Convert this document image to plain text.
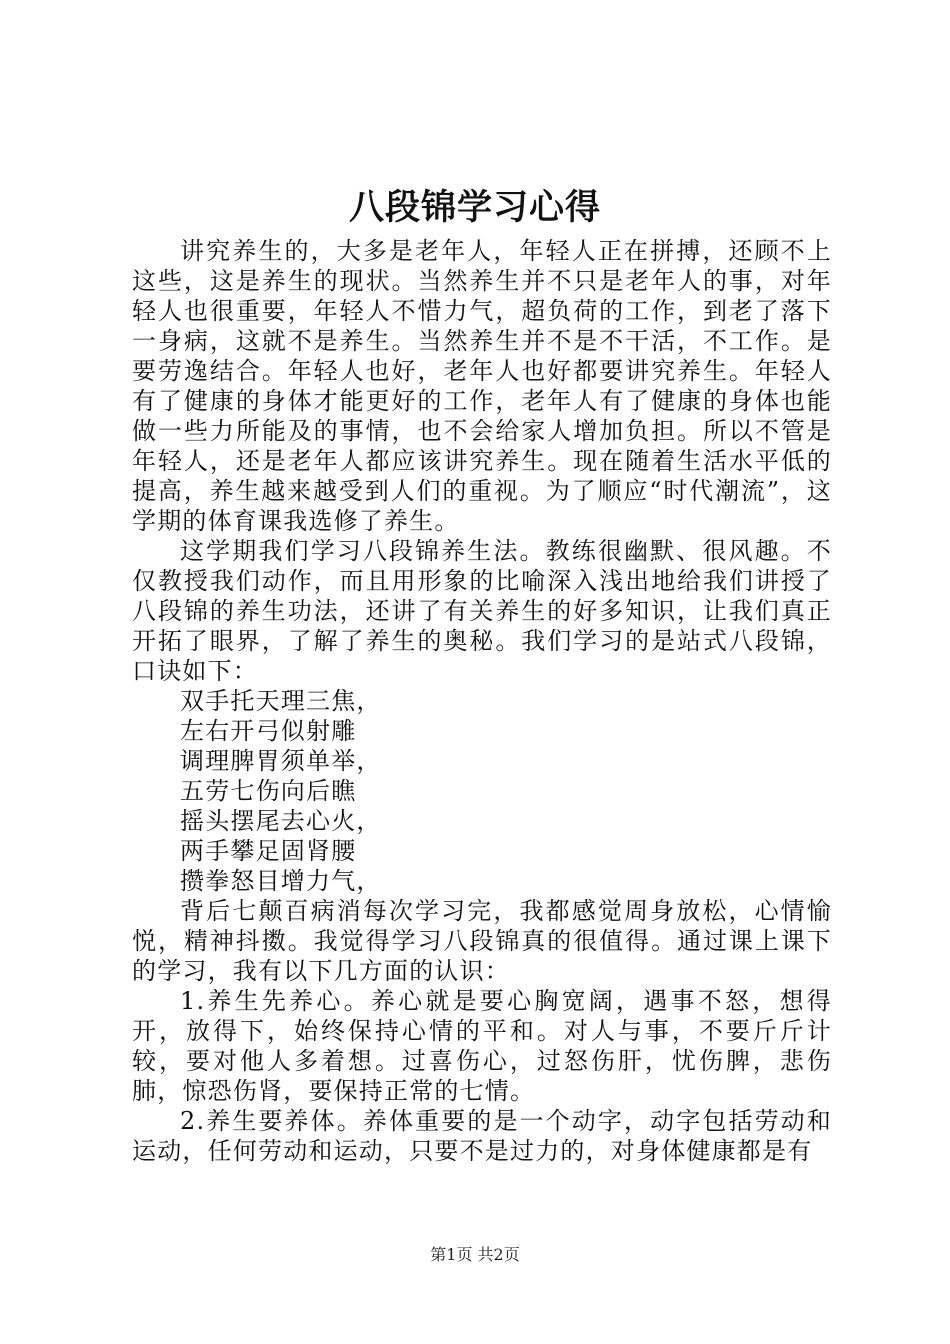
八段锦学习心得

讲究养生的，大多是老年人，年轻人正在拼搏，还顾不上这些，这是养生的现状。当然养生并不只是老年人的事，对年轻人也很重要，年轻人不惜力气，超负荷的工作，到老了落下一身病，这就不是养生。当然养生并不是不干活，不工作。是要劳逸结合。年轻人也好，老年人也好都要讲究养生。年轻人有了健康的身体才能更好的工作，老年人有了健康的身体也能做一些力所能及的事情，也不会给家人增加负担。所以不管是年轻人，还是老年人都应该讲究养生。现在随着生活水平低的提高，养生越来越受到人们的重视。为了顺应“时代潮流”，这学期的体育课我选修了养生。

这学期我们学习八段锦养生法。教练很幽默、很风趣。不仅教授我们动作，而且用形象的比喻深入浅出地给我们讲授了八段锦的养生功法，还讲了有关养生的好多知识，让我们真正开拓了眼界，了解了养生的奥秘。我们学习的是站式八段锦，口诀如下：

双手托天理三焦，
左右开弓似射雕
调理脾胃须单举，
五劳七伤向后瞧
摇头摆尾去心火，
两手攀足固肾腰
攒拳怒目增力气，

背后七颠百病消每次学习完，我都感觉周身放松，心情愉悦，精神抖擞。我觉得学习八段锦真的很值得。通过课上课下的学习，我有以下几方面的认识：

1.养生先养心。养心就是要心胸宽阔，遇事不怒，想得开，放得下，始终保持心情的平和。对人与事，不要斤斤计较，要对他人多着想。过喜伤心，过怒伤肝，忧伤脾，悲伤肺，惊恐伤肾，要保持正常的七情。

2.养生要养体。养体重要的是一个动字，动字包括劳动和运动，任何劳动和运动，只要不是过力的，对身体健康都是有

第1页 共2页
